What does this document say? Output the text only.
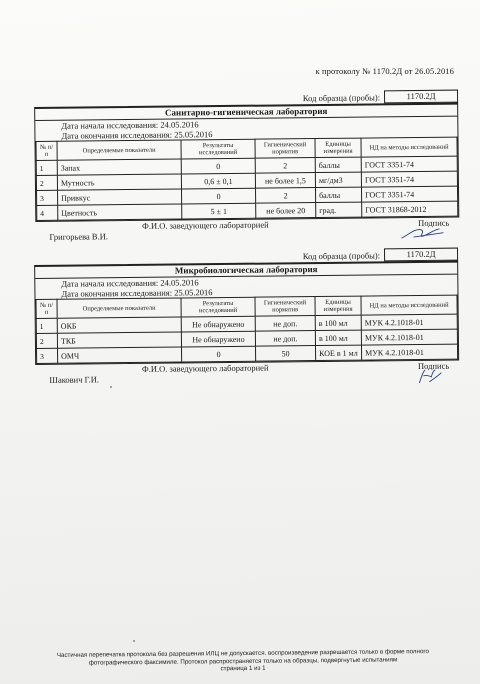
к протоколу № 1170.2Д от 26.05.2016
Код образца (пробы):	1170.2Д
Санитарно-гигиеническая лаборатория
Дата начала исследования: 24.05.2016
Дата окончания исследования: 25.05.2016
№ п/п	Определяемые показатели	Результаты исследований	Гигиенический норматив	Единицы измерения	НД на методы исследований
1	Запах	0	2	баллы	ГОСТ 3351-74
2	Мутность	0,6 ± 0,1	не более 1,5	мг/дм3	ГОСТ 3351-74
3	Привкус	0	2	баллы	ГОСТ 3351-74
4	Цветность	5 ± 1	не более 20	град.	ГОСТ 31868-2012
Ф.И.О. заведующего лабораторией
Григорьева В.И.
Подпись
Код образца (пробы):	1170.2Д
Микробиологическая лаборатория
Дата начала исследования: 24.05.2016
Дата окончания исследования: 25.05.2016
№ п/п	Определяемые показатели	Результаты исследований	Гигиенический норматив	Единицы измерения	НД на методы исследований
1	ОКБ	Не обнаружено	не доп.	в 100 мл	МУК 4.2.1018-01
2	ТКБ	Не обнаружено	не доп.	в 100 мл	МУК 4.2.1018-01
3	ОМЧ	0	50	КОЕ в 1 мл	МУК 4.2.1018-01
Ф.И.О. заведующего лабораторией
Шакович Г.И.
Подпись
Частичная перепечатка протокола без разрешения ИЛЦ не допускается. воспроизведение разрешается только в форме полного
фотографического факсимиле. Протокол распространяется только на образцы, подвергнутые испытаниям
страница 1 из 1
